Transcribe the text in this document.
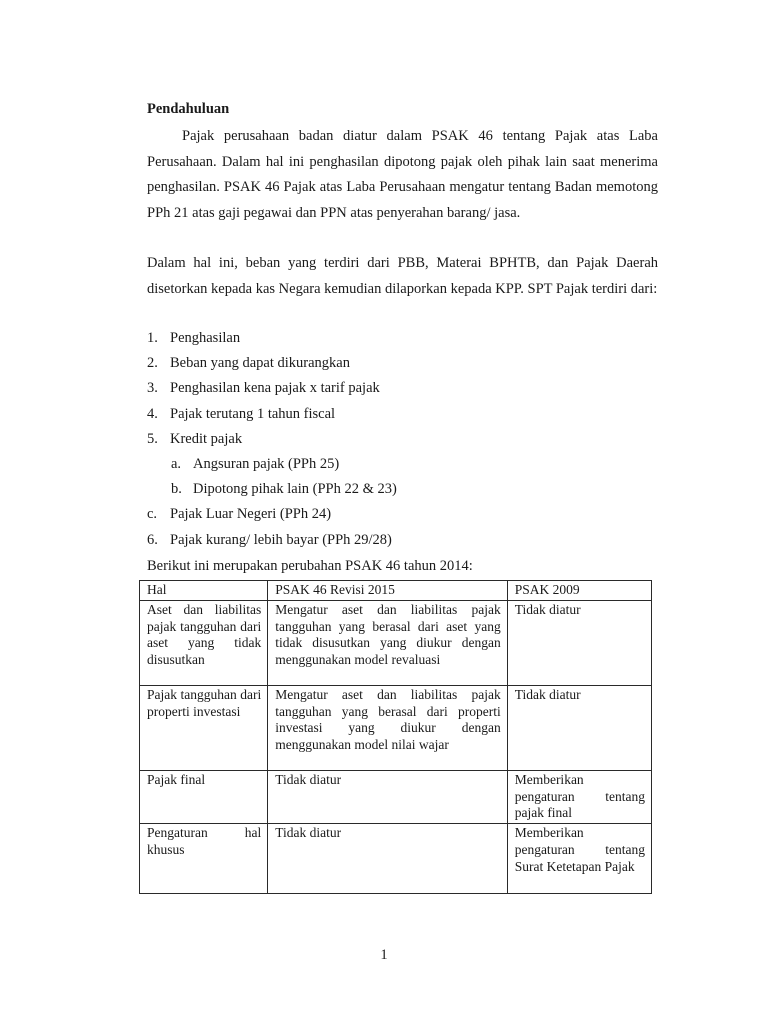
Pendahuluan
Pajak perusahaan badan diatur dalam PSAK 46 tentang Pajak atas Laba Perusahaan. Dalam hal ini penghasilan dipotong pajak oleh pihak lain saat menerima penghasilan. PSAK 46 Pajak atas Laba Perusahaan mengatur tentang Badan memotong PPh 21 atas gaji pegawai dan PPN atas penyerahan barang/ jasa.
Dalam hal ini, beban yang terdiri dari PBB, Materai BPHTB, dan Pajak Daerah disetorkan kepada kas Negara kemudian dilaporkan kepada KPP. SPT Pajak terdiri dari:
1. Penghasilan
2. Beban yang dapat dikurangkan
3. Penghasilan kena pajak x tarif pajak
4. Pajak terutang 1 tahun fiscal
5. Kredit pajak
a. Angsuran pajak (PPh 25)
b. Dipotong pihak lain (PPh 22 & 23)
c. Pajak Luar Negeri (PPh 24)
6. Pajak kurang/ lebih bayar (PPh 29/28)
Berikut ini merupakan perubahan PSAK 46 tahun 2014:
Hal	PSAK 46 Revisi 2015	PSAK 2009
Aset dan liabilitas pajak tangguhan dari aset yang tidak disusutkan	Mengatur aset dan liabilitas pajak tangguhan yang berasal dari aset yang tidak disusutkan yang diukur dengan menggunakan model revaluasi	Tidak diatur
Pajak tangguhan dari properti investasi	Mengatur aset dan liabilitas pajak tangguhan yang berasal dari properti investasi yang diukur dengan menggunakan model nilai wajar	Tidak diatur
Pajak final	Tidak diatur	Memberikan pengaturan tentang pajak final
Pengaturan hal khusus	Tidak diatur	Memberikan pengaturan tentang Surat Ketetapan Pajak
1
